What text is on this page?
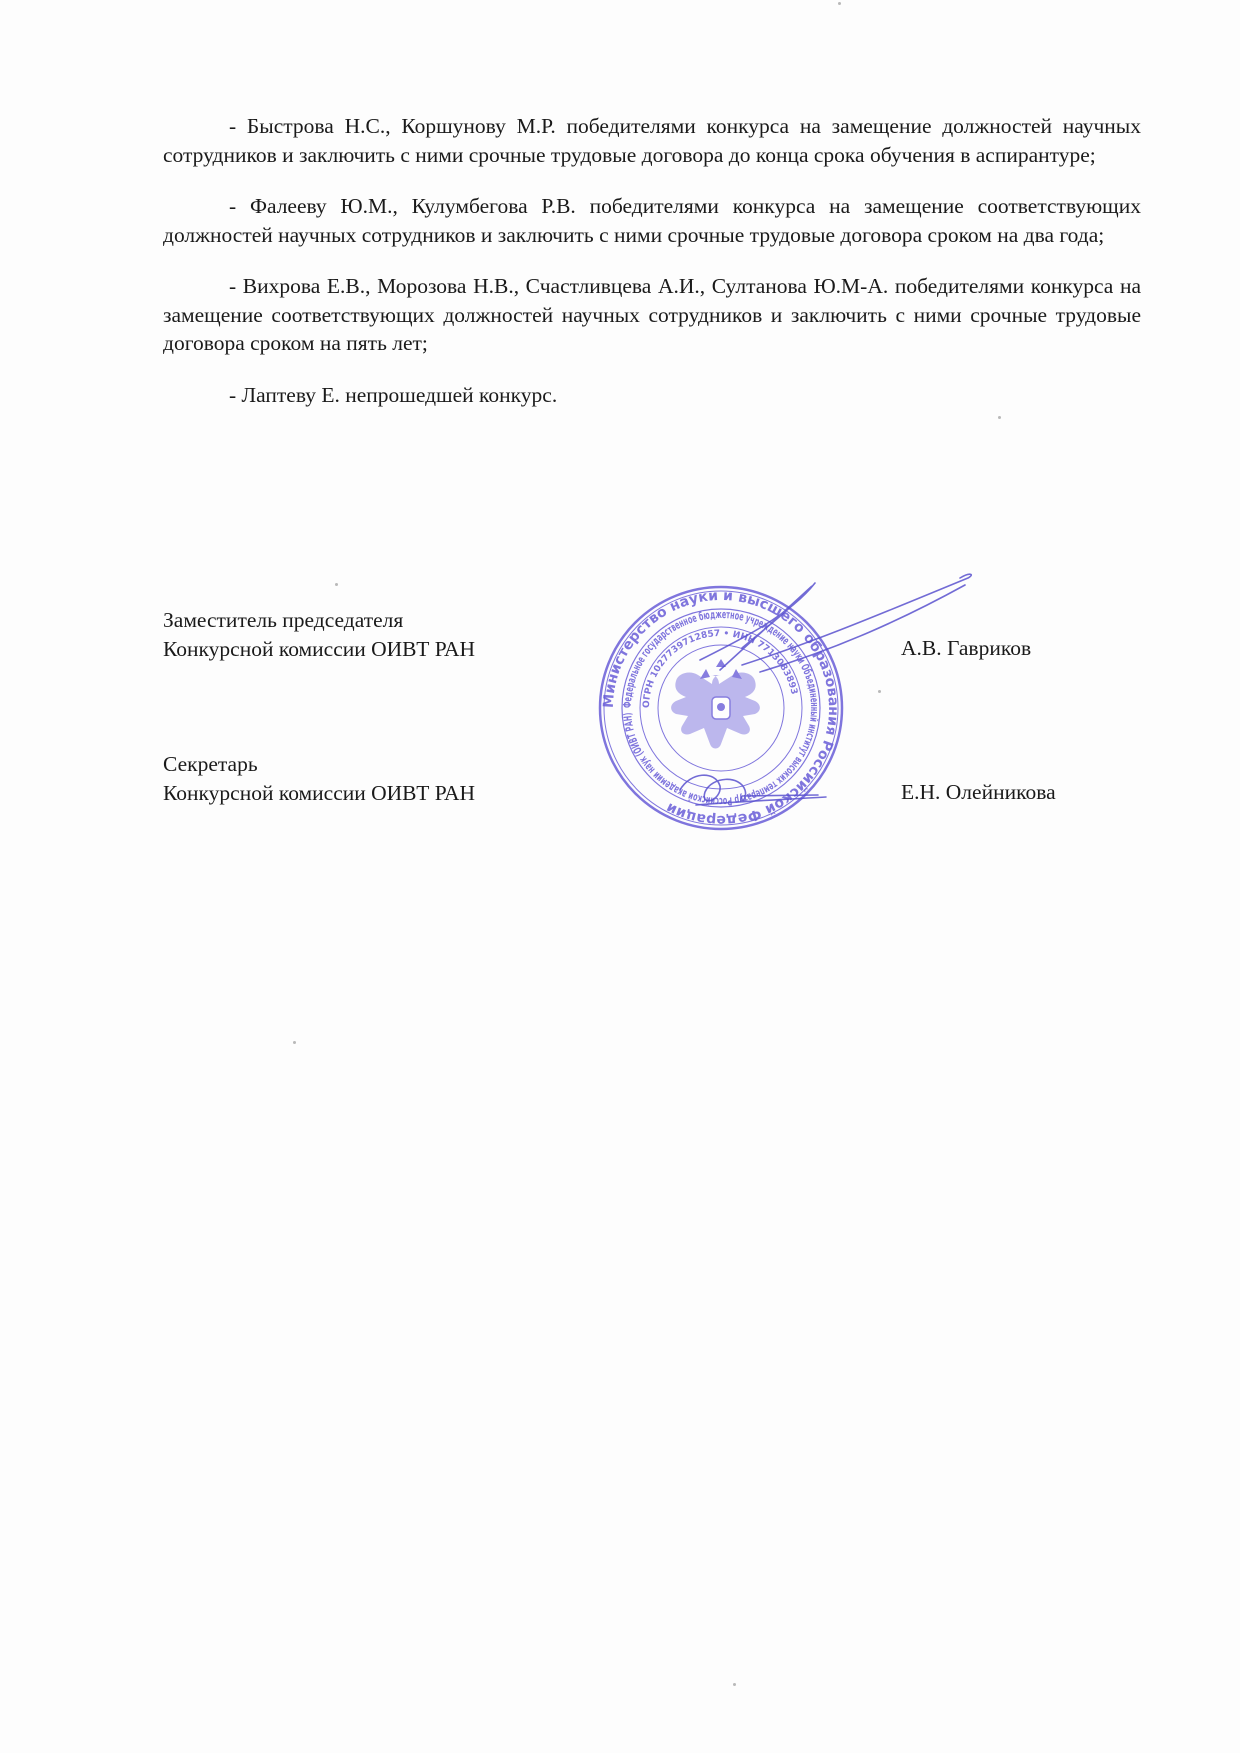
- Быстрова Н.С., Коршунову М.Р. победителями конкурса на замещение должностей научных сотрудников и заключить с ними срочные трудовые договора до конца срока обучения в аспирантуре;

- Фалееву Ю.М., Кулумбегова Р.В. победителями конкурса на замещение соответствующих должностей научных сотрудников и заключить с ними срочные трудовые договора сроком на два года;

- Вихрова Е.В., Морозова Н.В., Счастливцева А.И., Султанова Ю.М-А. победителями конкурса на замещение соответствующих должностей научных сотрудников и заключить с ними срочные трудовые договора сроком на пять лет;

- Лаптеву Е. непрошедшей конкурс.

Заместитель председателя
Конкурсной комиссии ОИВТ РАН	А.В. Гавриков
Секретарь
Конкурсной комиссии ОИВТ РАН	Е.Н. Олейникова
Министерство науки и высшего образования Российской Федерации
Федеральное государственное бюджетное учреждение науки Объединенный институт высоких температур Российской академии наук (ОИВТ РАН)
ОГРН 1027739712857 • ИНН 7713083893
